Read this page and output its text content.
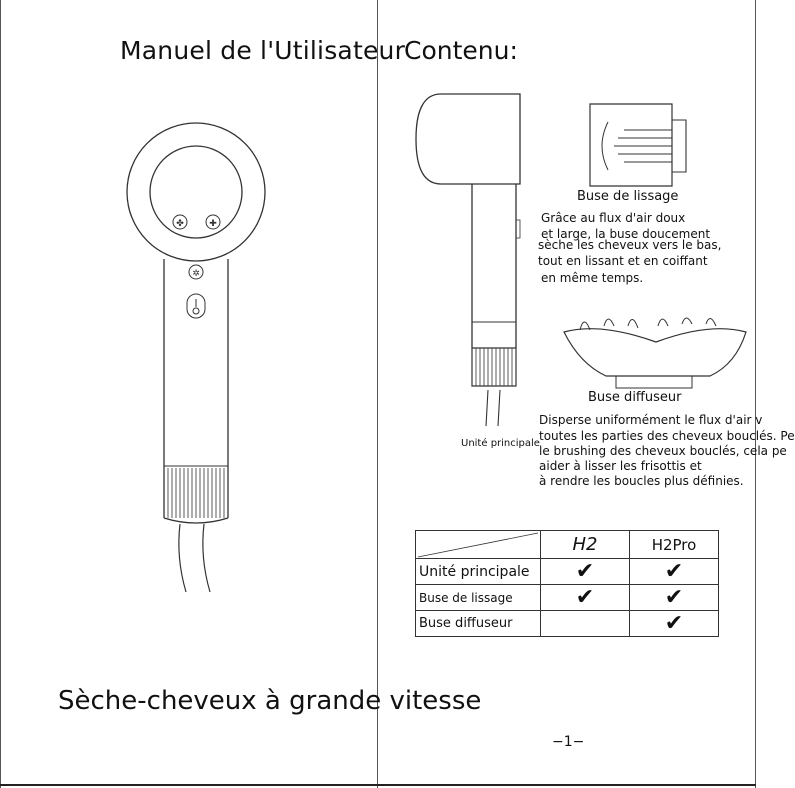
Manuel de l'Utilisateur
✤	✚
✲
Sèche-cheveux à grande vitesse
Contenu:
Unité principale
Buse de lissage
Grâce au flux d'air doux
et large, la buse doucement
sèche les cheveux vers le bas,
tout en lissant et en coiffant
en même temps.
Buse diffuseur
Disperse uniformément le flux d'air v
toutes les parties des cheveux bouclés. Pe
le brushing des cheveux bouclés, cela pe
aider à lisser les frisottis et
à rendre les boucles plus définies.
	H2	H2Pro
Unité principale	✔	✔
Buse de lissage	✔	✔
Buse diffuseur		✔
−1−
